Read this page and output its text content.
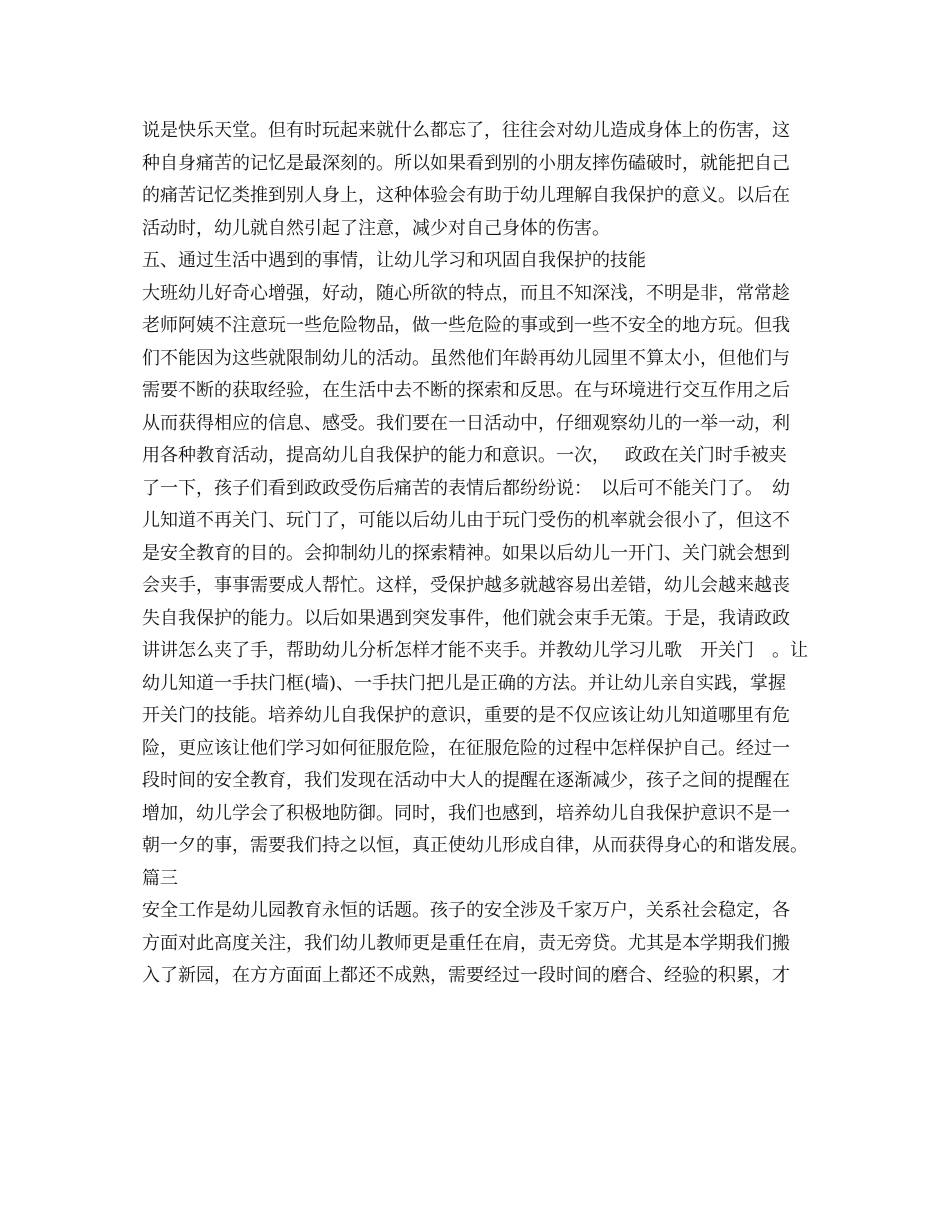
说是快乐天堂。但有时玩起来就什么都忘了，往往会对幼儿造成身体上的伤害，这
种自身痛苦的记忆是最深刻的。所以如果看到别的小朋友摔伤磕破时，就能把自己
的痛苦记忆类推到别人身上，这种体验会有助于幼儿理解自我保护的意义。以后在
活动时，幼儿就自然引起了注意，减少对自己身体的伤害。
五、通过生活中遇到的事情，让幼儿学习和巩固自我保护的技能
大班幼儿好奇心增强，好动，随心所欲的特点，而且不知深浅，不明是非，常常趁
老师阿姨不注意玩一些危险物品，做一些危险的事或到一些不安全的地方玩。但我
们不能因为这些就限制幼儿的活动。虽然他们年龄再幼儿园里不算太小，但他们与
需要不断的获取经验，在生活中去不断的探索和反思。在与环境进行交互作用之后
从而获得相应的信息、感受。我们要在一日活动中，仔细观察幼儿的一举一动，利
用各种教育活动，提高幼儿自我保护的能力和意识。一次，　 政政在关门时手被夹
了一下，孩子们看到政政受伤后痛苦的表情后都纷纷说：　以后可不能关门了。　幼
儿知道不再关门、玩门了，可能以后幼儿由于玩门受伤的机率就会很小了，但这不
是安全教育的目的。会抑制幼儿的探索精神。如果以后幼儿一开门、关门就会想到
会夹手，事事需要成人帮忙。这样，受保护越多就越容易出差错，幼儿会越来越丧
失自我保护的能力。以后如果遇到突发事件，他们就会束手无策。于是，我请政政
讲讲怎么夹了手，帮助幼儿分析怎样才能不夹手。并教幼儿学习儿歌　开关门　。让
幼儿知道一手扶门框(墙)、一手扶门把儿是正确的方法。并让幼儿亲自实践，掌握
开关门的技能。培养幼儿自我保护的意识，重要的是不仅应该让幼儿知道哪里有危
险，更应该让他们学习如何征服危险，在征服危险的过程中怎样保护自己。经过一
段时间的安全教育，我们发现在活动中大人的提醒在逐渐减少，孩子之间的提醒在
增加，幼儿学会了积极地防御。同时，我们也感到，培养幼儿自我保护意识不是一
朝一夕的事，需要我们持之以恒，真正使幼儿形成自律，从而获得身心的和谐发展。
篇三
安全工作是幼儿园教育永恒的话题。孩子的安全涉及千家万户，关系社会稳定，各
方面对此高度关注，我们幼儿教师更是重任在肩，责无旁贷。尤其是本学期我们搬
入了新园，在方方面面上都还不成熟，需要经过一段时间的磨合、经验的积累，才
